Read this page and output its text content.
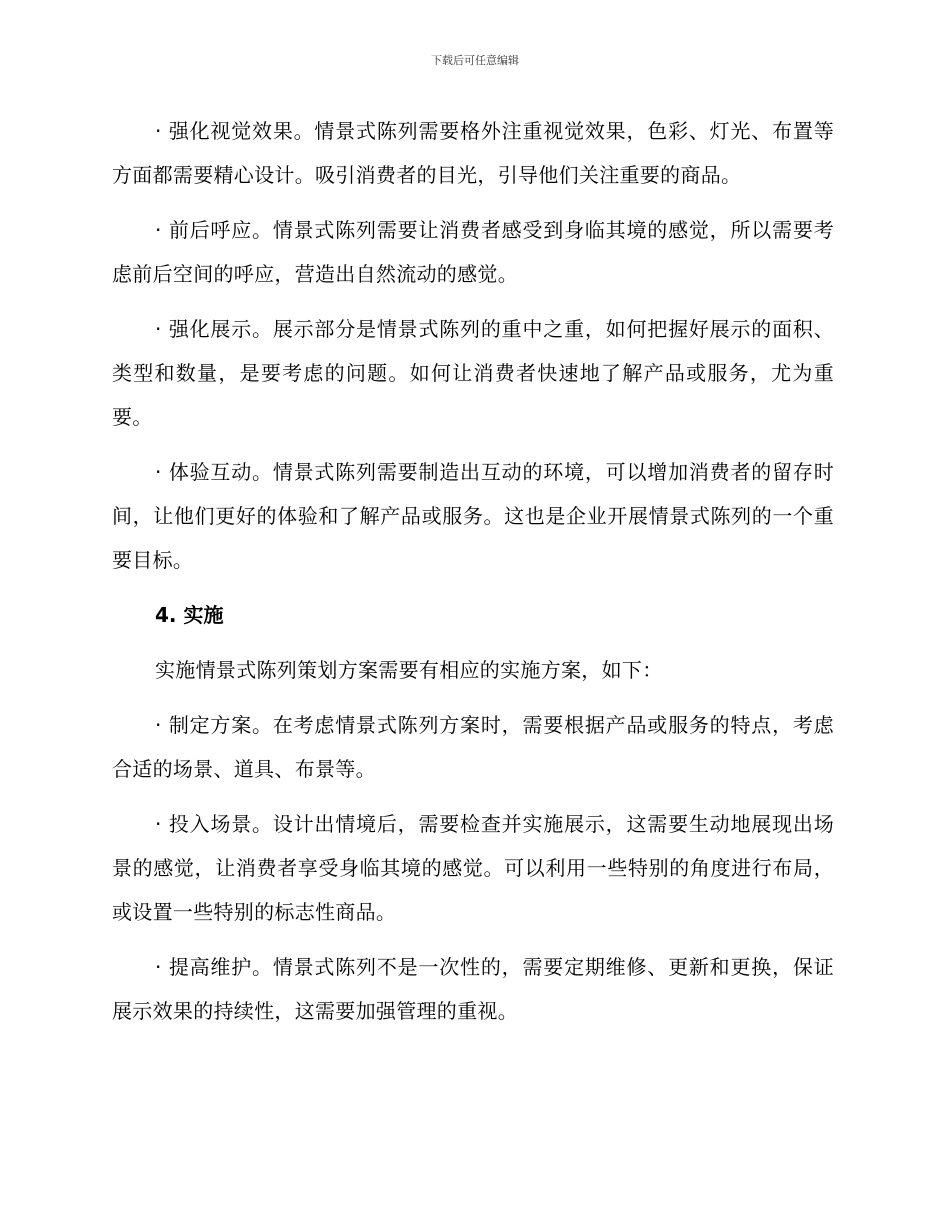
下载后可任意编辑

· 强化视觉效果。情景式陈列需要格外注重视觉效果，色彩、灯光、布置等方面都需要精心设计。吸引消费者的目光，引导他们关注重要的商品。

· 前后呼应。情景式陈列需要让消费者感受到身临其境的感觉，所以需要考虑前后空间的呼应，营造出自然流动的感觉。

· 强化展示。展示部分是情景式陈列的重中之重，如何把握好展示的面积、类型和数量，是要考虑的问题。如何让消费者快速地了解产品或服务，尤为重要。

· 体验互动。情景式陈列需要制造出互动的环境，可以增加消费者的留存时间，让他们更好的体验和了解产品或服务。这也是企业开展情景式陈列的一个重要目标。

4. 实施

实施情景式陈列策划方案需要有相应的实施方案，如下：

· 制定方案。在考虑情景式陈列方案时，需要根据产品或服务的特点，考虑合适的场景、道具、布景等。

· 投入场景。设计出情境后，需要检查并实施展示，这需要生动地展现出场景的感觉，让消费者享受身临其境的感觉。可以利用一些特别的角度进行布局，或设置一些特别的标志性商品。

· 提高维护。情景式陈列不是一次性的，需要定期维修、更新和更换，保证展示效果的持续性，这需要加强管理的重视。
